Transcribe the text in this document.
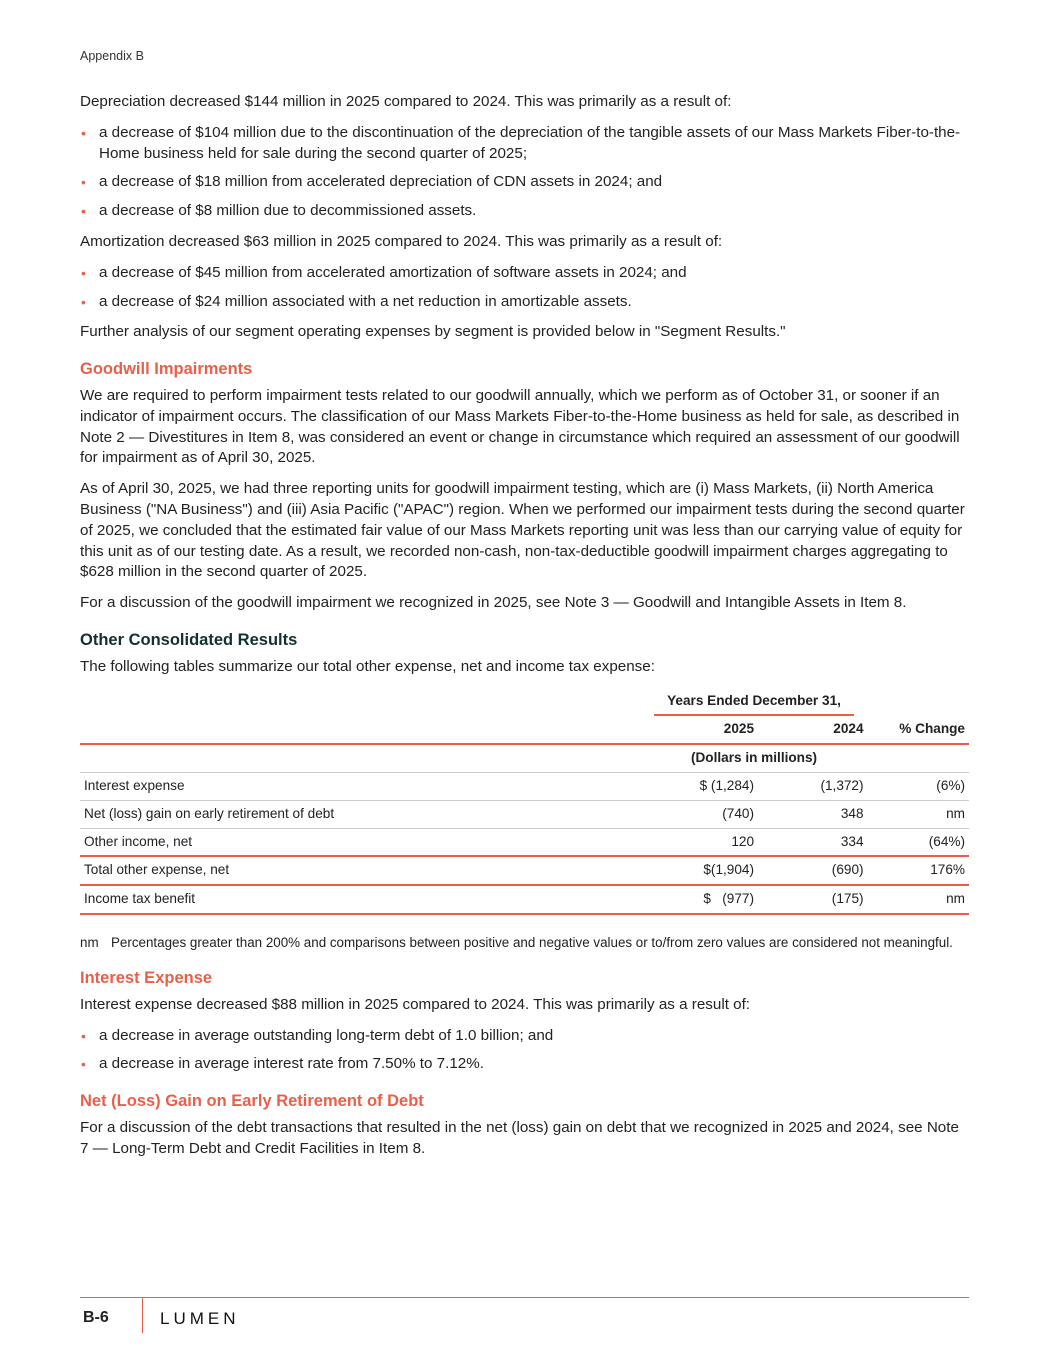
Appendix B

Depreciation decreased $144 million in 2025 compared to 2024. This was primarily as a result of:

• a decrease of $104 million due to the discontinuation of the depreciation of the tangible assets of our Mass Markets Fiber-to-the-Home business held for sale during the second quarter of 2025;
• a decrease of $18 million from accelerated depreciation of CDN assets in 2024; and
• a decrease of $8 million due to decommissioned assets.

Amortization decreased $63 million in 2025 compared to 2024. This was primarily as a result of:

• a decrease of $45 million from accelerated amortization of software assets in 2024; and
• a decrease of $24 million associated with a net reduction in amortizable assets.

Further analysis of our segment operating expenses by segment is provided below in "Segment Results."

Goodwill Impairments

We are required to perform impairment tests related to our goodwill annually, which we perform as of October 31, or sooner if an indicator of impairment occurs. The classification of our Mass Markets Fiber-to-the-Home business as held for sale, as described in Note 2 — Divestitures in Item 8, was considered an event or change in circumstance which required an assessment of our goodwill for impairment as of April 30, 2025.

As of April 30, 2025, we had three reporting units for goodwill impairment testing, which are (i) Mass Markets, (ii) North America Business ("NA Business") and (iii) Asia Pacific ("APAC") region. When we performed our impairment tests during the second quarter of 2025, we concluded that the estimated fair value of our Mass Markets reporting unit was less than our carrying value of equity for this unit as of our testing date. As a result, we recorded non-cash, non-tax-deductible goodwill impairment charges aggregating to $628 million in the second quarter of 2025.

For a discussion of the goodwill impairment we recognized in 2025, see Note 3 — Goodwill and Intangible Assets in Item 8.

Other Consolidated Results

The following tables summarize our total other expense, net and income tax expense:

	Years Ended December 31,		

	2025	2024	% Change
	(Dollars in millions)		
Interest expense	$ (1,284)	(1,372)	(6%)
Net (loss) gain on early retirement of debt	(740)	348	nm
Other income, net	120	334	(64%)
Total other expense, net	$(1,904)	(690)	176%
Income tax benefit	$   (977)	(175)	nm
nm Percentages greater than 200% and comparisons between positive and negative values or to/from zero values are considered not meaningful.
Interest Expense

Interest expense decreased $88 million in 2025 compared to 2024. This was primarily as a result of:

• a decrease in average outstanding long-term debt of 1.0 billion; and
• a decrease in average interest rate from 7.50% to 7.12%.
Net (Loss) Gain on Early Retirement of Debt

For a discussion of the debt transactions that resulted in the net (loss) gain on debt that we recognized in 2025 and 2024, see Note 7 — Long-Term Debt and Credit Facilities in Item 8.

B-6	LUMEN
